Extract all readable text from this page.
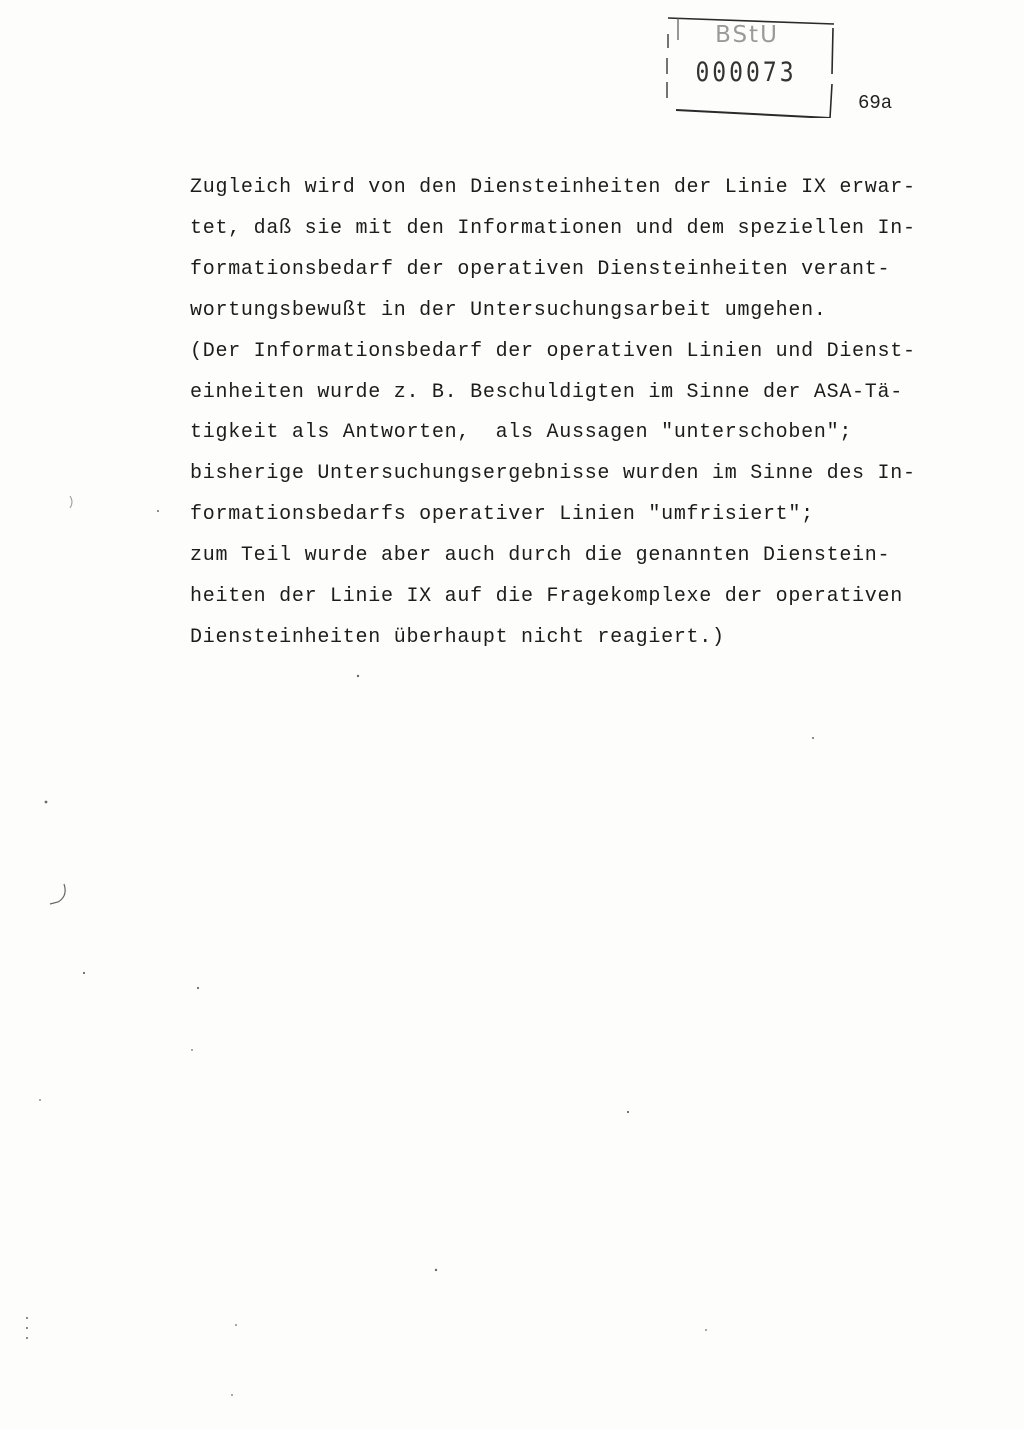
BStU
000073
69a
Zugleich wird von den Diensteinheiten der Linie IX erwar-
tet, daß sie mit den Informationen und dem speziellen In-
formationsbedarf der operativen Diensteinheiten verant-
wortungsbewußt in der Untersuchungsarbeit umgehen.
(Der Informationsbedarf der operativen Linien und Dienst-
einheiten wurde z. B. Beschuldigten im Sinne der ASA-Tä-
tigkeit als Antworten,  als Aussagen "unterschoben";
bisherige Untersuchungsergebnisse wurden im Sinne des In-
formationsbedarfs operativer Linien "umfrisiert";
zum Teil wurde aber auch durch die genannten Dienstein-
heiten der Linie IX auf die Fragekomplexe der operativen
Diensteinheiten überhaupt nicht reagiert.)
